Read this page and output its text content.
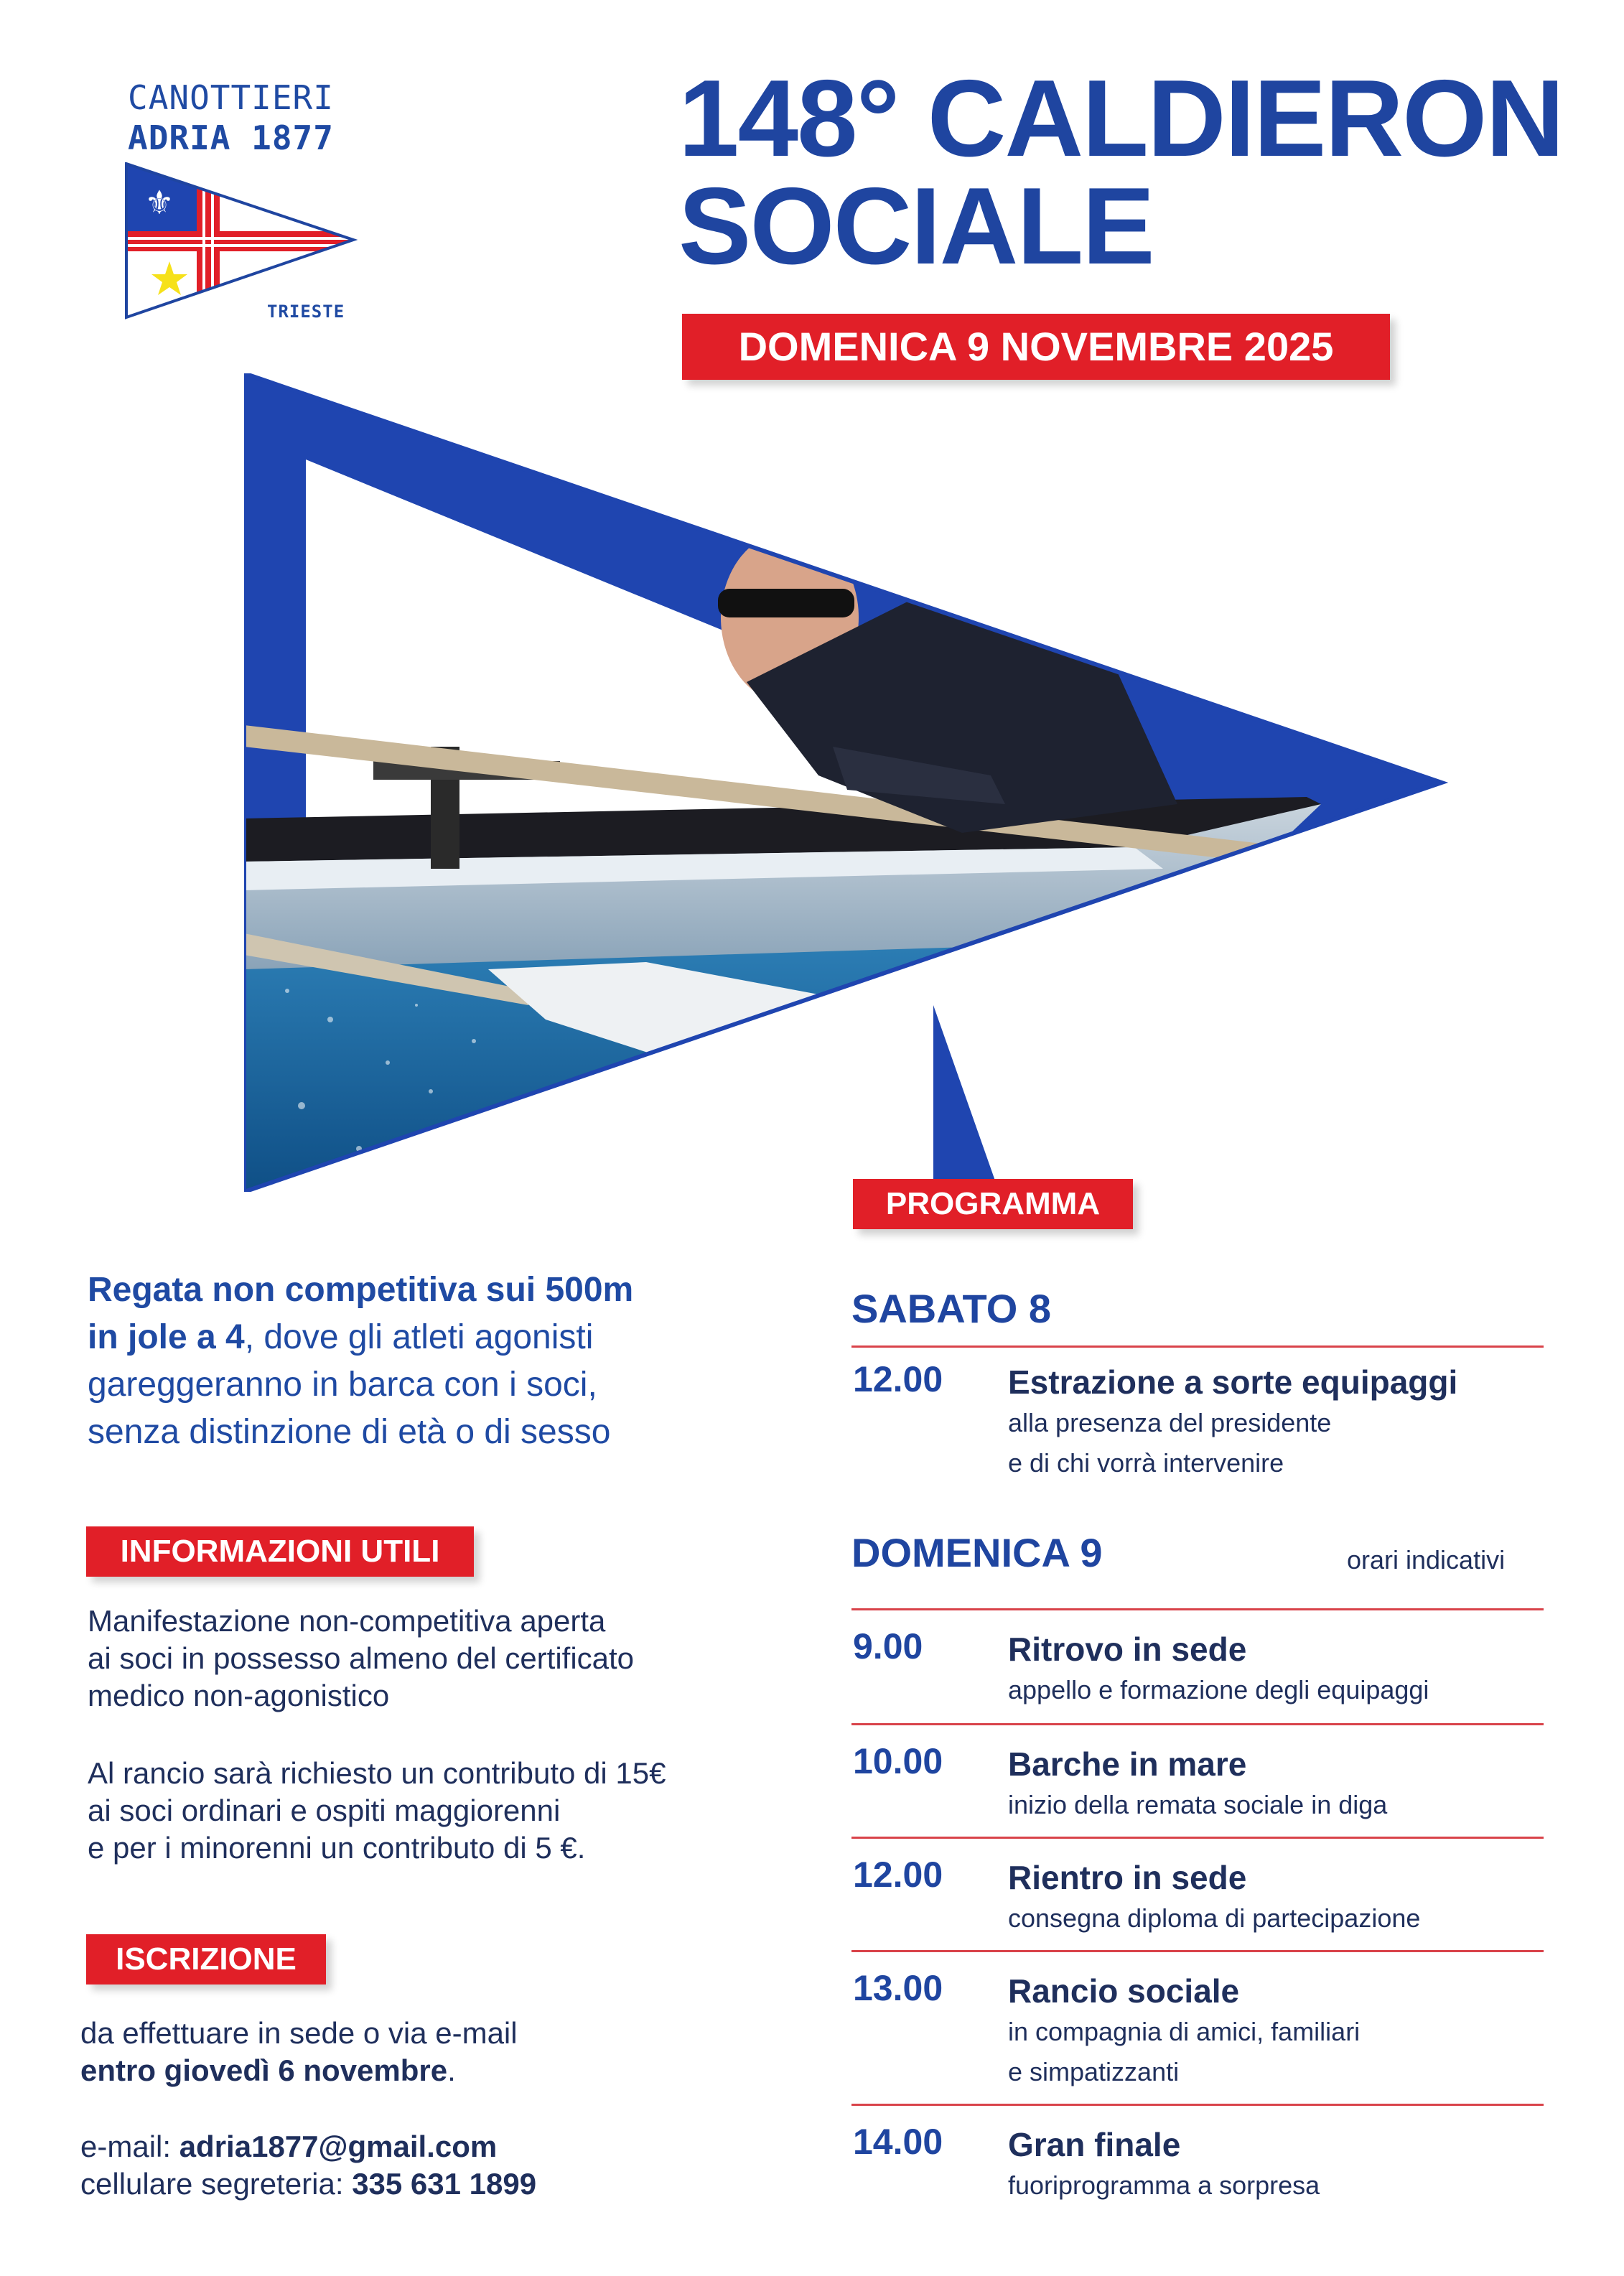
CANOTTIERI
ADRIA 1877
⚜
TRIESTE
148° CALDIERON
SOCIALE
DOMENICA 9 NOVEMBRE 2025
Regata non competitiva sui 500m
in jole a 4, dove gli atleti agonisti
gareggeranno in barca con i soci,
senza distinzione di età o di sesso
INFORMAZIONI UTILI
Manifestazione non-competitiva aperta
ai soci in possesso almeno del certificato
medico non-agonistico
Al rancio sarà richiesto un contributo di 15€
ai soci ordinari e ospiti maggiorenni
e per i minorenni un contributo di 5 €.
ISCRIZIONE
da effettuare in sede o via e-mail
entro giovedì 6 novembre.
e-mail: adria1877@gmail.com
cellulare segreteria: 335 631 1899
PROGRAMMA
SABATO 8
12.00 Estrazione a sorte equipaggi
alla presenza del presidente
e di chi vorrà intervenire
DOMENICA 9	orari indicativi
9.00	Ritrovo in sede
appello e formazione degli equipaggi
10.00 Barche in mare
inizio della remata sociale in diga
12.00 Rientro in sede
consegna diploma di partecipazione
13.00 Rancio sociale
in compagnia di amici, familiari
e simpatizzanti
14.00 Gran finale
fuoriprogramma a sorpresa
